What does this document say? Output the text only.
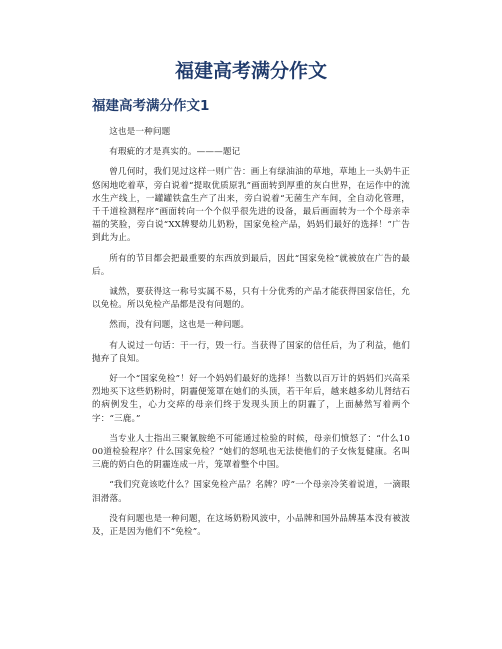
福建高考满分作文
福建高考满分作文1

这也是一种问题

有瑕疵的才是真实的。———题记

曾几何时，我们见过这样一则广告：画上有绿油油的草地，草地上一头奶牛正悠闲地吃着草，旁白说着“提取优质原乳”画面转到厚重的灰白世界，在运作中的流水生产线上，一罐罐铁盒生产了出来，旁白说着“无菌生产车间，全自动化管理，千千道检测程序”画面转向一个个似乎很先进的设备，最后画面转为一个个母亲幸福的笑脸，旁白说“XX牌婴幼儿奶粉，国家免检产品，妈妈们最好的选择！”广告到此为止。

所有的节目都会把最重要的东西放到最后，因此“国家免检”就被放在广告的最后。

诚然，要获得这一称号实属不易，只有十分优秀的产品才能获得国家信任，允以免检。所以免检产品都是没有问题的。

然而，没有问题，这也是一种问题。

有人说过一句话：干一行，毁一行。当获得了国家的信任后，为了利益，他们抛弃了良知。

好一个“国家免检”！好一个妈妈们最好的选择！当数以百万计的妈妈们兴高采烈地买下这些奶粉时，阴霾便笼罩在她们的头顶，若干年后，越来越多幼儿肾结石的病例发生，心力交瘁的母亲们终于发现头顶上的阴霾了，上面赫然写着两个字：“三鹿。”

当专业人士指出三聚氰胺绝不可能通过检验的时候，母亲们愤怒了：“什么1000道检验程序？什么国家免检？”她们的怒吼也无法使他们的子女恢复健康。名叫三鹿的奶白色的阴霾连成一片，笼罩着整个中国。

“我们究竟该吃什么？国家免检产品？名牌？哼”一个母亲冷笑着说道，一滴眼泪滑落。

没有问题也是一种问题，在这场奶粉风波中，小品牌和国外品牌基本没有被波及，正是因为他们不“免检”。
